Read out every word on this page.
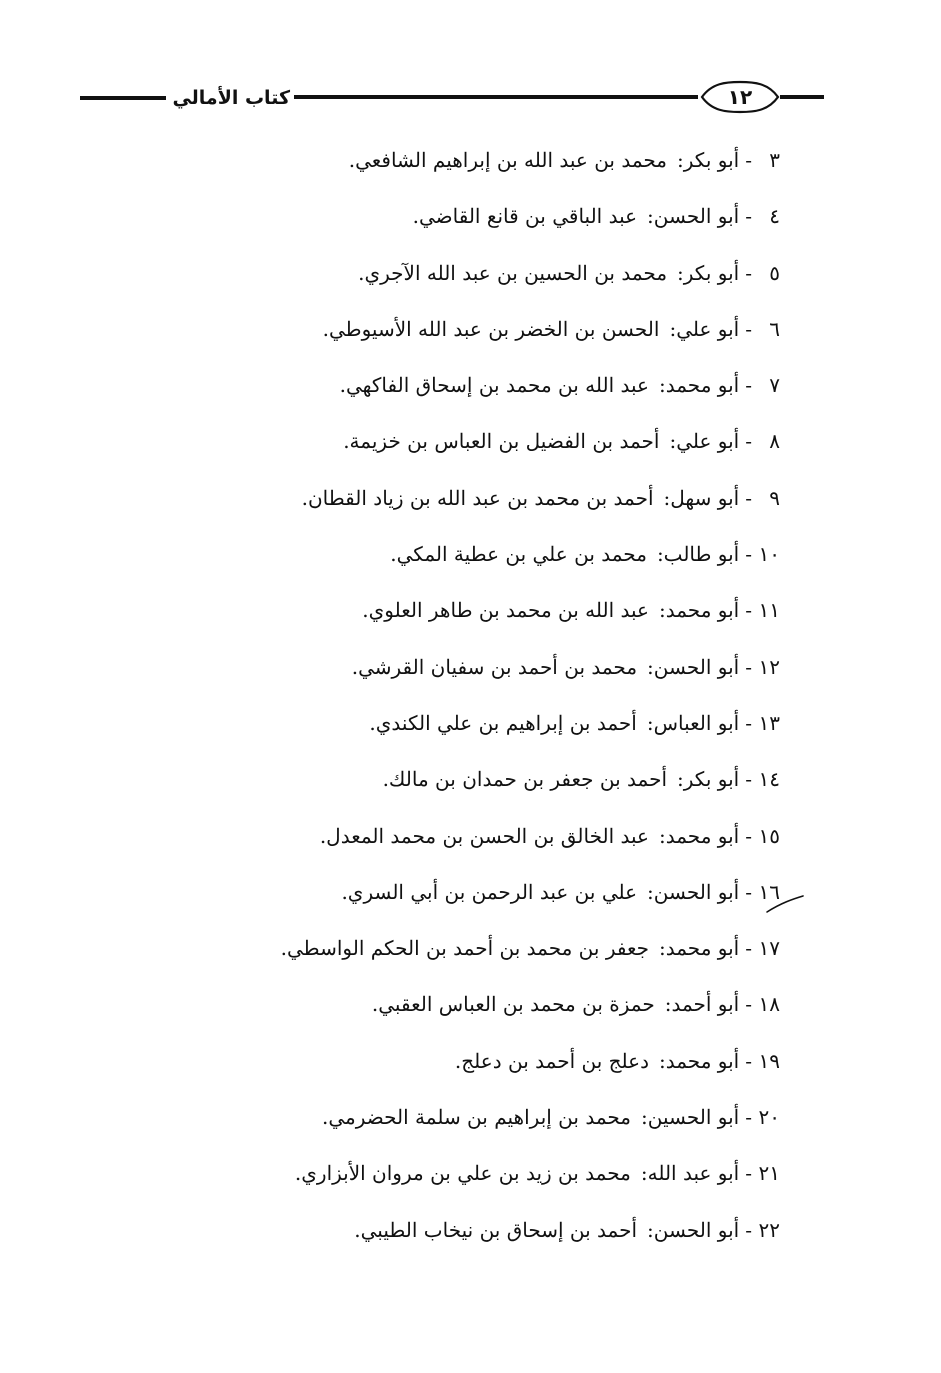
كتاب الأمالي	١٢
٣-أبو بكر:محمد بن عبد الله بن إبراهيم الشافعي.
٤-أبو الحسن:عبد الباقي بن قانع القاضي.
٥-أبو بكر:محمد بن الحسين بن عبد الله الآجري.
٦-أبو علي:الحسن بن الخضر بن عبد الله الأسيوطي.
٧-أبو محمد:عبد الله بن محمد بن إسحاق الفاكهي.
٨-أبو علي:أحمد بن الفضيل بن العباس بن خزيمة.
٩-أبو سهل:أحمد بن محمد بن عبد الله بن زياد القطان.
١٠-أبو طالب:محمد بن علي بن عطية المكي.
١١-أبو محمد:عبد الله بن محمد بن طاهر العلوي.
١٢-أبو الحسن:محمد بن أحمد بن سفيان القرشي.
١٣-أبو العباس:أحمد بن إبراهيم بن علي الكندي.
١٤-أبو بكر:أحمد بن جعفر بن حمدان بن مالك.
١٥-أبو محمد:عبد الخالق بن الحسن بن محمد المعدل.
١٦-أبو الحسن:علي بن عبد الرحمن بن أبي السري.
١٧-أبو محمد:جعفر بن محمد بن أحمد بن الحكم الواسطي.
١٨-أبو أحمد:حمزة بن محمد بن العباس العقبي.
١٩-أبو محمد:دعلج بن أحمد بن دعلج.
٢٠-أبو الحسين:محمد بن إبراهيم بن سلمة الحضرمي.
٢١-أبو عبد الله:محمد بن زيد بن علي بن مروان الأبزاري.
٢٢-أبو الحسن:أحمد بن إسحاق بن نيخاب الطيبي.
